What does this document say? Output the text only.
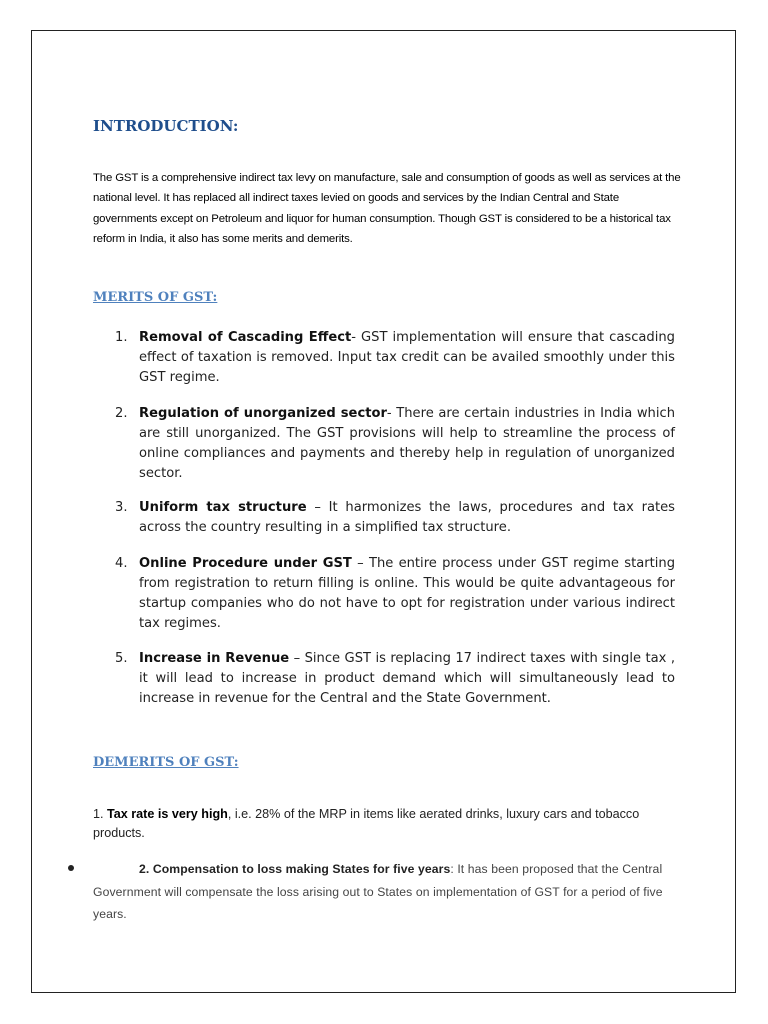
INTRODUCTION:

The GST is a comprehensive indirect tax levy on manufacture, sale and consumption of goods as well as services at the national level. It has replaced all indirect taxes levied on goods and services by the Indian Central and State governments except on Petroleum and liquor for human consumption. Though GST is considered to be a historical tax reform in India, it also has some merits and demerits.

MERITS OF GST:

1. Removal of Cascading Effect- GST implementation will ensure that cascading effect of taxation is removed. Input tax credit can be availed smoothly under this GST regime.

2. Regulation of unorganized sector- There are certain industries in India which are still unorganized. The GST provisions will help to streamline the process of online compliances and payments and thereby help in regulation of unorganized sector.

3. Uniform tax structure – It harmonizes the laws, procedures and tax rates across the country resulting in a simplified tax structure.

4. Online Procedure under GST – The entire process under GST regime starting from registration to return filling is online. This would be quite advantageous for startup companies who do not have to opt for registration under various indirect tax regimes.

5. Increase in Revenue – Since GST is replacing 17 indirect taxes with single tax , it will lead to increase in product demand which will simultaneously lead to increase in revenue for the Central and the State Government.

DEMERITS OF GST:

1. Tax rate is very high, i.e. 28% of the MRP in items like aerated drinks, luxury cars and tobacco products.

2. Compensation to loss making States for five years: It has been proposed that the Central Government will compensate the loss arising out to States on implementation of GST for a period of five years.
